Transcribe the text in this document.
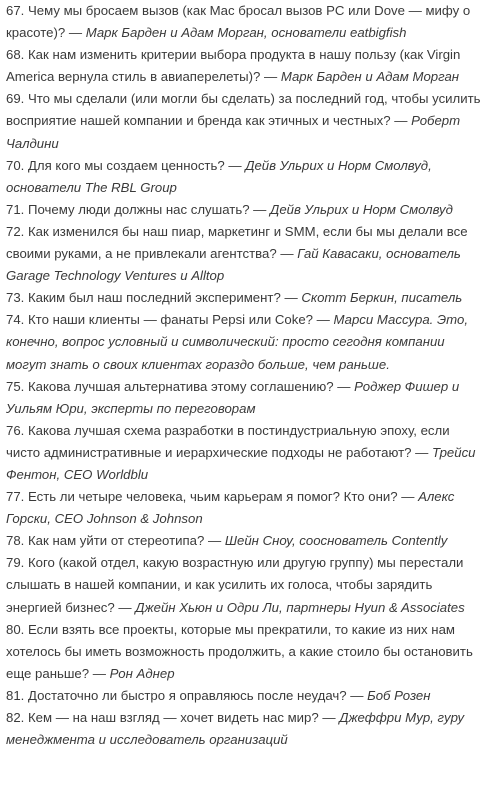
67. Чему мы бросаем вызов (как Mac бросал вызов PC или Dove — мифу о красоте)? — Марк Барден и Адам Морган, основатели eatbigfish

68. Как нам изменить критерии выбора продукта в нашу пользу (как Virgin America вернула стиль в авиаперелеты)? — Марк Барден и Адам Морган

69. Что мы сделали (или могли бы сделать) за последний год, чтобы усилить восприятие нашей компании и бренда как этичных и честных? — Роберт Чалдини

70. Для кого мы создаем ценность? — Дейв Ульрих и Норм Смолвуд, основатели The RBL Group

71. Почему люди должны нас слушать? — Дейв Ульрих и Норм Смолвуд

72. Как изменился бы наш пиар, маркетинг и SMM, если бы мы делали все своими руками, а не привлекали агентства? — Гай Кавасаки, основатель Garage Technology Ventures и Alltop

73. Каким был наш последний эксперимент? — Скотт Беркин, писатель

74. Кто наши клиенты — фанаты Pepsi или Coke? — Марси Массура. Это, конечно, вопрос условный и символический: просто сегодня компании могут знать о своих клиентах гораздо больше, чем раньше.

75. Какова лучшая альтернатива этому соглашению? — Роджер Фишер и Уильям Юри, эксперты по переговорам

76. Какова лучшая схема разработки в постиндустриальную эпоху, если чисто административные и иерархические подходы не работают? — Трейси Фентон, CEO Worldblu

77. Есть ли четыре человека, чьим карьерам я помог? Кто они? — Алекс Горски, CEO Johnson & Johnson

78. Как нам уйти от стереотипа? — Шейн Сноу, сооснователь Contently

79. Кого (какой отдел, какую возрастную или другую группу) мы перестали слышать в нашей компании, и как усилить их голоса, чтобы зарядить энергией бизнес? — Джейн Хьюн и Одри Ли, партнеры Hyun & Associates

80. Если взять все проекты, которые мы прекратили, то какие из них нам хотелось бы иметь возможность продолжить, а какие стоило бы остановить еще раньше? — Рон Аднер

81. Достаточно ли быстро я оправляюсь после неудач? — Боб Розен

82. Кем — на наш взгляд — хочет видеть нас мир? — Джеффри Мур, гуру менеджмента и исследователь организаций
